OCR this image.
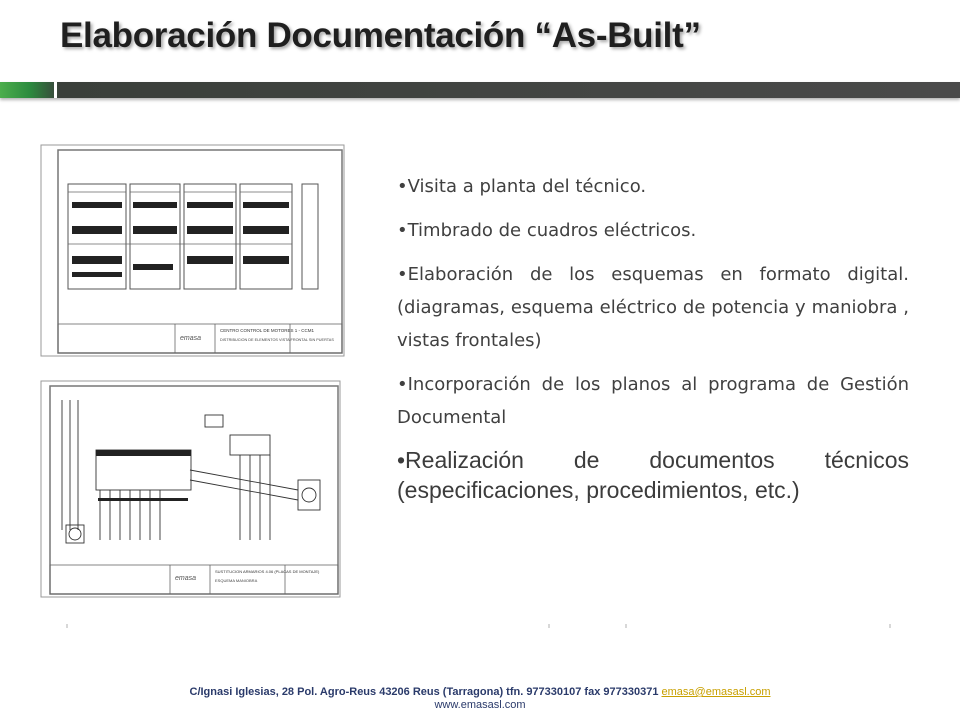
Elaboración Documentación “As-Built”
emasa
CENTRO CONTROL DE MOTORES 1 - CCM1
DISTRIBUCION DE ELEMENTOS VISTA FRONTAL SIN PUERTAS
emasa
SUSTITUCION ARMARIOS 4.06 (PLACAS DE MONTAJE)
ESQUEMA MANIOBRA

•Visita a planta del técnico.

•Timbrado de cuadros eléctricos.

•Elaboración de los esquemas en formato digital. (diagramas, esquema eléctrico de potencia y maniobra , vistas frontales)

•Incorporación de los planos al programa de Gestión Documental

•Realización de documentos técnicos (especificaciones, procedimientos, etc.)

C/Ignasi Iglesias, 28 Pol. Agro-Reus 43206 Reus (Tarragona) tfn. 977330107 fax 977330371 emasa@emasasl.com
www.emasasl.com
